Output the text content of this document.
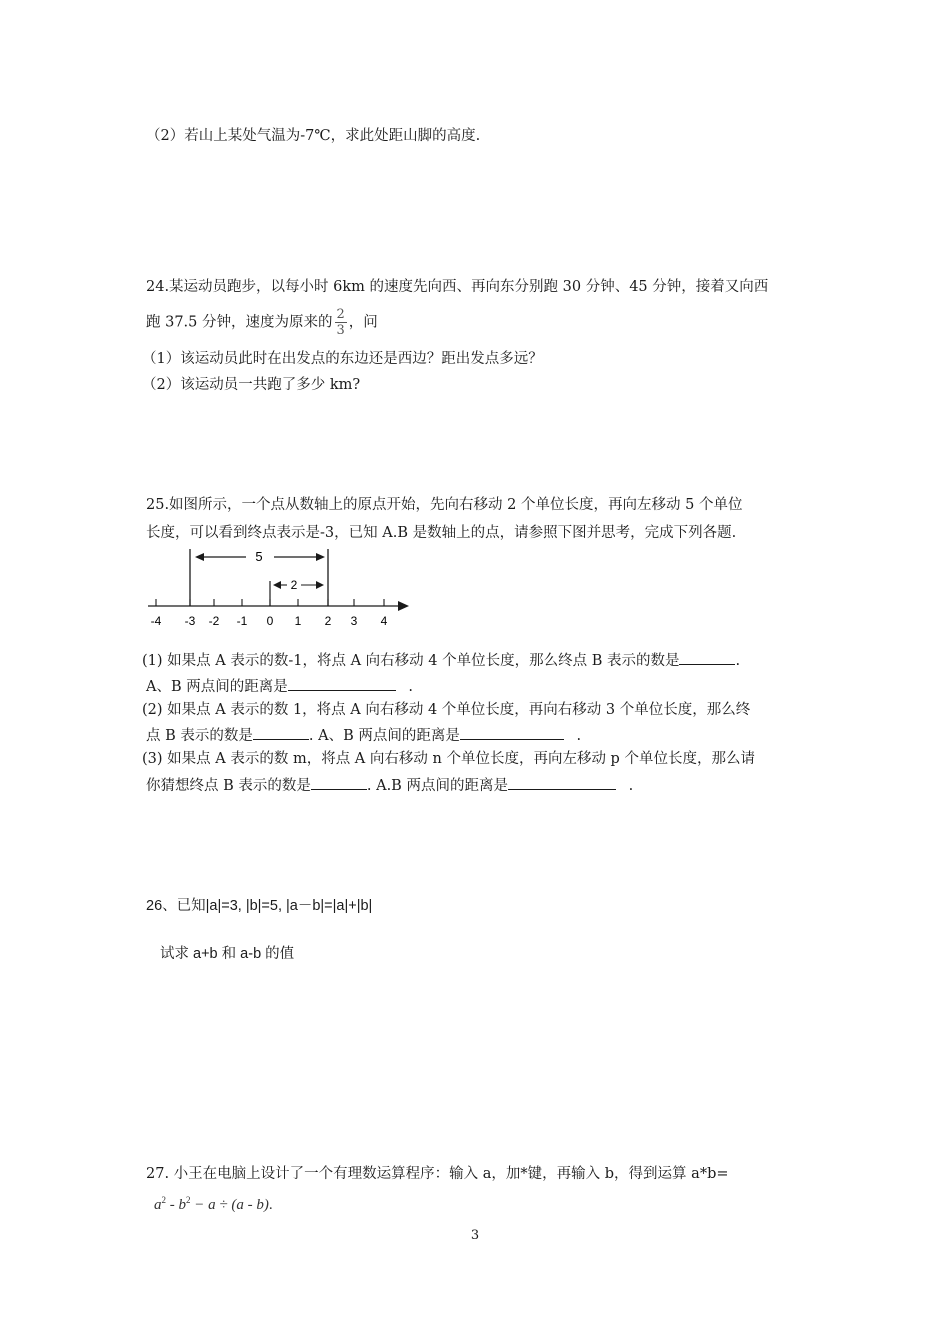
（2）若山上某处气温为-7℃，求此处距山脚的高度.
24.某运动员跑步，以每小时 6km 的速度先向西、再向东分别跑 30 分钟、45 分钟，接着又向西
跑 37.5 分钟，速度为原来的 $\frac{2}{3}$ ，问
（1）该运动员此时在出发点的东边还是西边？距出发点多远？
（2）该运动员一共跑了多少 km?
25.如图所示，一个点从数轴上的原点开始，先向右移动 2 个单位长度，再向左移动 5 个单位
长度，可以看到终点表示是-3，已知 A.B 是数轴上的点，请参照下图并思考，完成下列各题.
5
2
-4 -3 -2 -1 0 1 2 3 4
(1) 如果点 A 表示的数-1，将点 A 向右移动 4 个单位长度，那么终点 B 表示的数是	.
A、B 两点间的距离是	.
(2) 如果点 A 表示的数 1，将点 A 向右移动 4 个单位长度，再向右移动 3 个单位长度，那么终
点 B 表示的数是	. A、B 两点间的距离是	.
(3) 如果点 A 表示的数 m，将点 A 向右移动 n 个单位长度，再向左移动 p 个单位长度，那么请
你猜想终点 B 表示的数是	. A.B 两点间的距离是	.
26、已知|a|=3, |b|=5, |a－b|=|a|+|b|
试求 a+b 和 a-b 的值
27. 小王在电脑上设计了一个有理数运算程序：输入 a，加*键，再输入 b，得到运算 a*b=
$a^2 - b^2 - a \div (a - b)$.
3
